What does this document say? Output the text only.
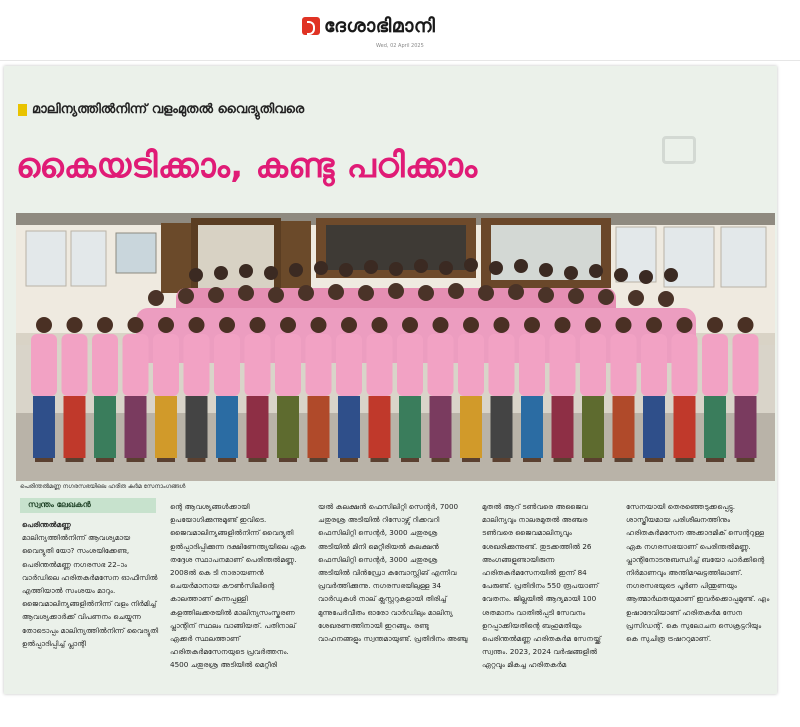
ദേശാഭിമാനി
Wed, 02 April 2025
മാലിന്യത്തിൽനിന്ന് വളംമുതൽ വൈദ്യുതിവരെ
കൈയടിക്കാം, കണ്ടു പഠിക്കാം
പെരിന്തൽമണ്ണ നഗരസഭയിലെ ഹരിത കർമ സേനാംഗങ്ങൾ
സ്വന്തം ലേഖകൻ

പെരിന്തൽമണ്ണ

മാലിന്യത്തിൽനിന്ന് ആവശ്യമായ വൈദ്യുതി യോ? സംശയിക്കേണ്ട, പെരിന്തൽമണ്ണ നഗരസഭ 22–ാം വാർഡിലെ ഹരിതകർമസേന ഓഫീസിൽ എത്തിയാൽ സംശയം മാറും. ജൈവമാലിന്യങ്ങളിൽനിന്ന് വളം നിർമിച്ച് ആവശ്യക്കാർക്ക് വിപണനം ചെയ്യുന്ന തോടൊപ്പം മാലിന്യത്തിൽനിന്ന് വൈദ്യുതി ഉൽപ്പാദിപ്പിച്ച് പ്ലാന്റി

ന്റെ ആവശ്യങ്ങൾക്കായി ഉപയോഗിക്കുന്നുമുണ്ട് ഇവിടെ. ജൈവമാലിന്യങ്ങളിൽനിന്ന് വൈദ്യുതി ഉൽപ്പാദിപ്പിക്കുന്ന ദക്ഷിണേന്ത്യയിലെ ഏക തദ്ദേശ സ്ഥാപനമാണ് പെരിന്തൽമണ്ണ. 2008ൽ കെ ടി നാരായണൻ ചെയർമാനായ കൗൺസിലിന്റെ കാലത്താണ് കുന്നപ്പള്ളി കളത്തിലക്കരയിൽ മാലിന്യസംസ്കരണ പ്ലാന്റിന് സ്ഥലം വാങ്ങിയത്. പതിനാല് ഏക്കർ സ്ഥലത്താണ് ഹരിതകർമസേനയുടെ പ്രവർത്തനം. 4500 ചതുരശ്ര അടിയിൽ മെറ്റീരി

യൽ കലക്ഷൻ ഫെസിലിറ്റി സെന്റർ, 7000 ചതുരശ്ര അടിയിൽ റിസോഴ്സ് റിക്കവറി ഫെസിലിറ്റി സെന്റർ, 3000 ചതുരശ്ര അടിയിൽ മിനി മെറ്റീരിയൽ കലക്ഷൻ ഫെസിലിറ്റി സെന്റർ, 3000 ചതുരശ്ര അടിയിൽ വിൻഡ്രോ കമ്പോസ്റ്റിങ് എന്നിവ പ്രവർത്തിക്കുന്നു. നഗരസഭയിലുള്ള 34 വാർഡുകൾ നാല് ക്ലസ്റ്ററുകളായി തിരിച്ച് മുന്നുപേർവീതം ഓരോ വാർഡിലും മാലിന്യ ശേഖരണത്തിനായി ഇറങ്ങും. രണ്ടു വാഹനങ്ങളും സ്വന്തമായുണ്ട്. പ്രതിദിനം അഞ്ചു

മുതൽ ആറ് ടൺവരെ അജൈവ മാലിന്യവും നാലരമുതൽ അഞ്ചര ടൺവരെ ജൈവമാലിന്യവും ശേഖരിക്കുന്നുണ്ട്. തുടക്കത്തിൽ 26 അംഗങ്ങളുണ്ടായിരുന്ന ഹരിതകർമസേനയിൽ ഇന്ന് 84 പേരുണ്ട്. പ്രതിദിനം 550 രൂപയാണ് വേതനം. ജില്ലയിൽ ആദ്യമായി 100 ശതമാനം വാതിൽപ്പടി സേവനം ഉറപ്പാക്കിയതിന്റെ ബഹുമതിയും പെരിന്തൽമണ്ണ ഹരിതകർമ സേനയ്ക്ക് സ്വന്തം. 2023, 2024 വർഷങ്ങളിൽ ഏറ്റവും മികച്ച ഹരിതകർമ

സേനയായി തെരഞ്ഞെടുക്കപ്പെട്ടു. ശാസ്ത്രീയമായ പരിശീലനത്തിനും ഹരിതകർമസേന അക്കാദമിക് സെന്ററുള്ള ഏക നഗരസഭയാണ് പെരിന്തൽമണ്ണ. പ്ലാന്റിനോടനുബന്ധിച്ച് ബയോ പാർക്കിന്റെ നിർമാണവും അന്തിമഘട്ടത്തിലാണ്. നഗരസഭയുടെ പൂർണ പിന്തുണയും ആത്മാർഥതയുമാണ് ഇവർക്കൊപ്പമുണ്ട്. എം ഉഷാദേവിയാണ് ഹരിതകർമ സേന പ്രസിഡന്റ്. കെ സുലോചന സെക്രട്ടറിയും കെ സുചിത്ര ട്രഷററുമാണ്.
